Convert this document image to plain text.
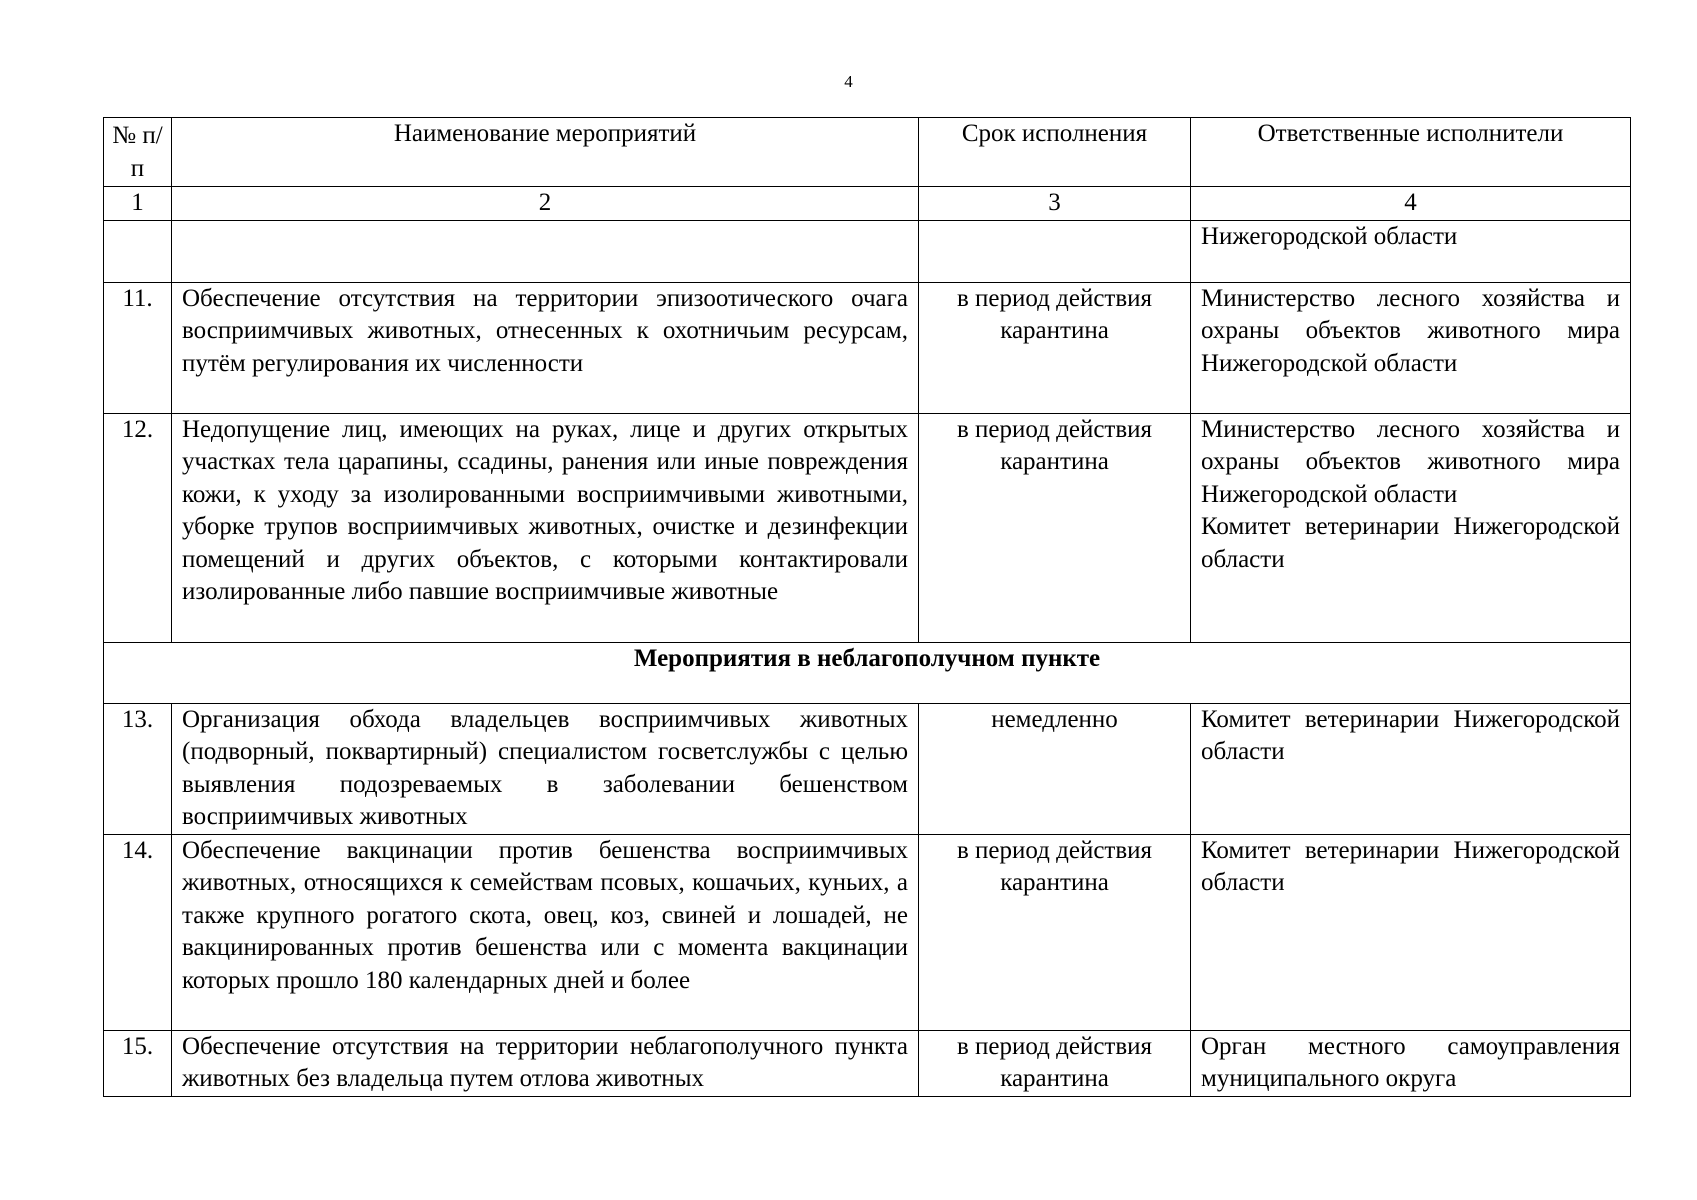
4
№ п/п	Наименование мероприятий	Срок исполнения	Ответственные исполнители
1	2	3	4
			Нижегородской области
11.	Обеспечение отсутствия на территории эпизоотического очага восприимчивых животных, отнесенных к охотничьим ресурсам, путём регулирования их численности	в период действия карантина	Министерство лесного хозяйства и охраны объектов животного мира Нижегородской области
12.	Недопущение лиц, имеющих на руках, лице и других открытых участках тела царапины, ссадины, ранения или иные повреждения кожи, к уходу за изолированными восприимчивыми животными, уборке трупов восприимчивых животных, очистке и дезинфекции помещений и других объектов, с которыми контактировали изолированные либо павшие восприимчивые животные	в период действия карантина	Министерство лесного хозяйства и охраны объектов животного мира Нижегородской области
Комитет ветеринарии Нижегородской области

Мероприятия в неблагополучном пункте			
13.	Организация обхода владельцев восприимчивых животных (подворный, поквартирный) специалистом госветслужбы с целью выявления подозреваемых в заболевании бешенством восприимчивых животных	немедленно	Комитет ветеринарии Нижегородской области
14.	Обеспечение вакцинации против бешенства восприимчивых животных, относящихся к семействам псовых, кошачьих, куньих, а также крупного рогатого скота, овец, коз, свиней и лошадей, не вакцинированных против бешенства или с момента вакцинации которых прошло 180 календарных дней и более	в период действия карантина	Комитет ветеринарии Нижегородской области
15.	Обеспечение отсутствия на территории неблагополучного пункта животных без владельца путем отлова животных	в период действия карантина	Орган местного самоуправления муниципального округа
